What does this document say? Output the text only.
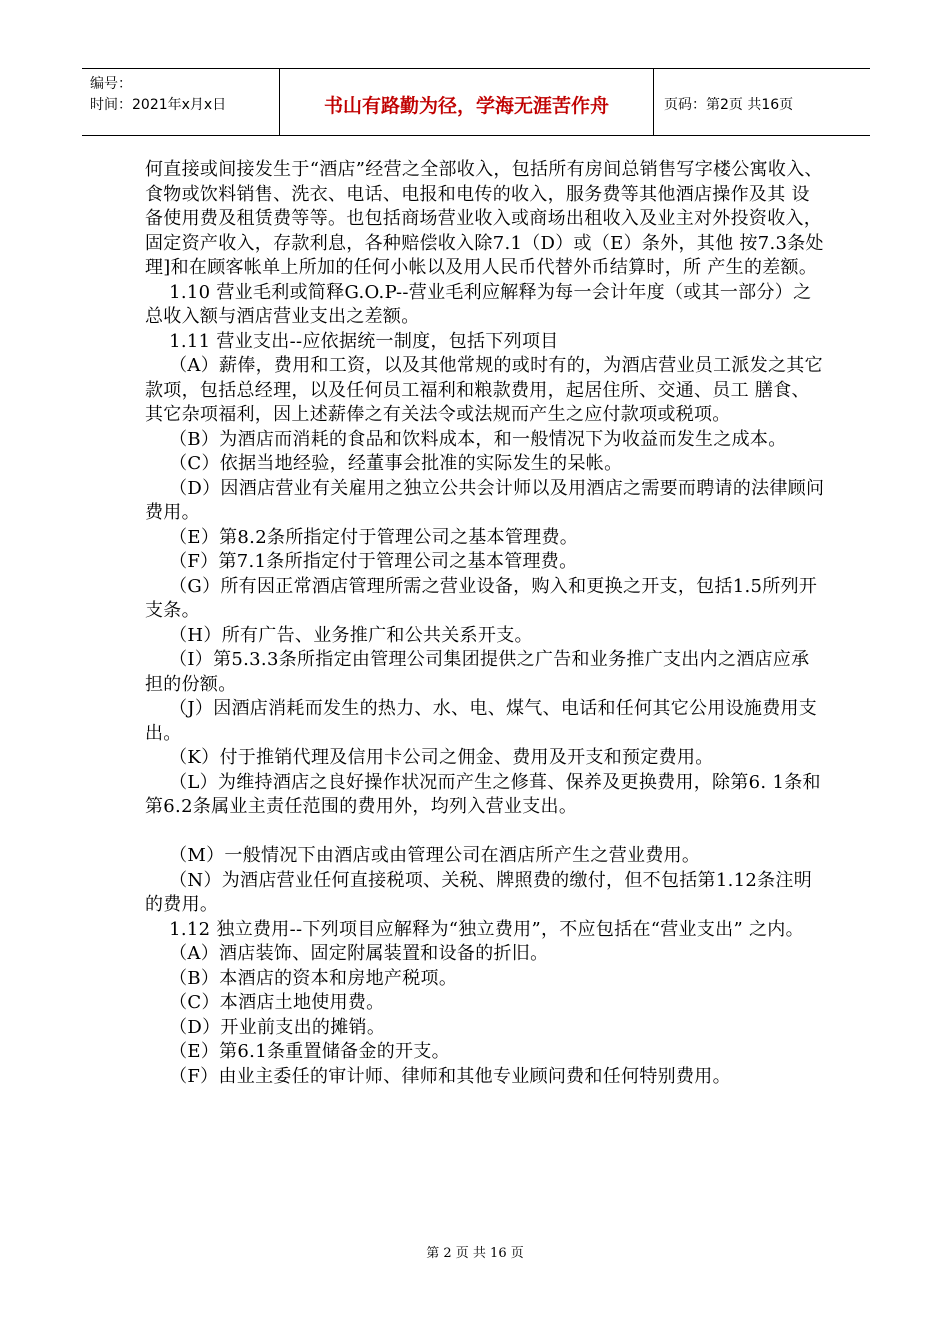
编号：
时间：2021年x月x日	书山有路勤为径，学海无涯苦作舟	页码：第2页 共16页

何直接或间接发生于“酒店”经营之全部收入，包括所有房间总销售写字楼公寓收入、 食物或饮料销售、洗衣、电话、电报和电传的收入，服务费等其他酒店操作及其 设备使用费及租赁费等等。也包括商场营业收入或商场出租收入及业主对外投资收入，固定资产收入，存款利息，各种赔偿收入除7.1（D）或（E）条外，其他 按7.3条处理]和在顾客帐单上所加的任何小帐以及用人民币代替外币结算时，所 产生的差额。

1.10 营业毛利或简释G.O.P--营业毛利应解释为每一会计年度（或其一部分）之总收入额与酒店营业支出之差额。

1.11 营业支出--应依据统一制度，包括下列项目

（A）薪俸，费用和工资，以及其他常规的或时有的，为酒店营业员工派发之其它款项，包括总经理，以及任何员工福利和粮款费用，起居住所、交通、员工 膳食、其它杂项福利，因上述薪俸之有关法令或法规而产生之应付款项或税项。

（B）为酒店而消耗的食品和饮料成本，和一般情况下为收益而发生之成本。

（C）依据当地经验，经董事会批准的实际发生的呆帐。

（D）因酒店营业有关雇用之独立公共会计师以及用酒店之需要而聘请的法律顾问费用。

（E）第8.2条所指定付于管理公司之基本管理费。

（F）第7.1条所指定付于管理公司之基本管理费。

（G）所有因正常酒店管理所需之营业设备，购入和更换之开支，包括1.5所列开支条。

（H）所有广告、业务推广和公共关系开支。

（I）第5.3.3条所指定由管理公司集团提供之广告和业务推广支出内之酒店应承担的份额。

（J）因酒店消耗而发生的热力、水、电、煤气、电话和任何其它公用设施费用支出。

（K）付于推销代理及信用卡公司之佣金、费用及开支和预定费用。

（L）为维持酒店之良好操作状况而产生之修葺、保养及更换费用，除第6. 1条和第6.2条属业主责任范围的费用外，均列入营业支出。

（M）一般情况下由酒店或由管理公司在酒店所产生之营业费用。

（N）为酒店营业任何直接税项、关税、牌照费的缴付，但不包括第1.12条注明的费用。

1.12 独立费用--下列项目应解释为“独立费用”，不应包括在“营业支出” 之内。

（A）酒店装饰、固定附属装置和设备的折旧。

（B）本酒店的资本和房地产税项。

（C）本酒店土地使用费。

（D）开业前支出的摊销。

（E）第6.1条重置储备金的开支。

（F）由业主委任的审计师、律师和其他专业顾问费和任何特别费用。

第 2 页 共 16 页
